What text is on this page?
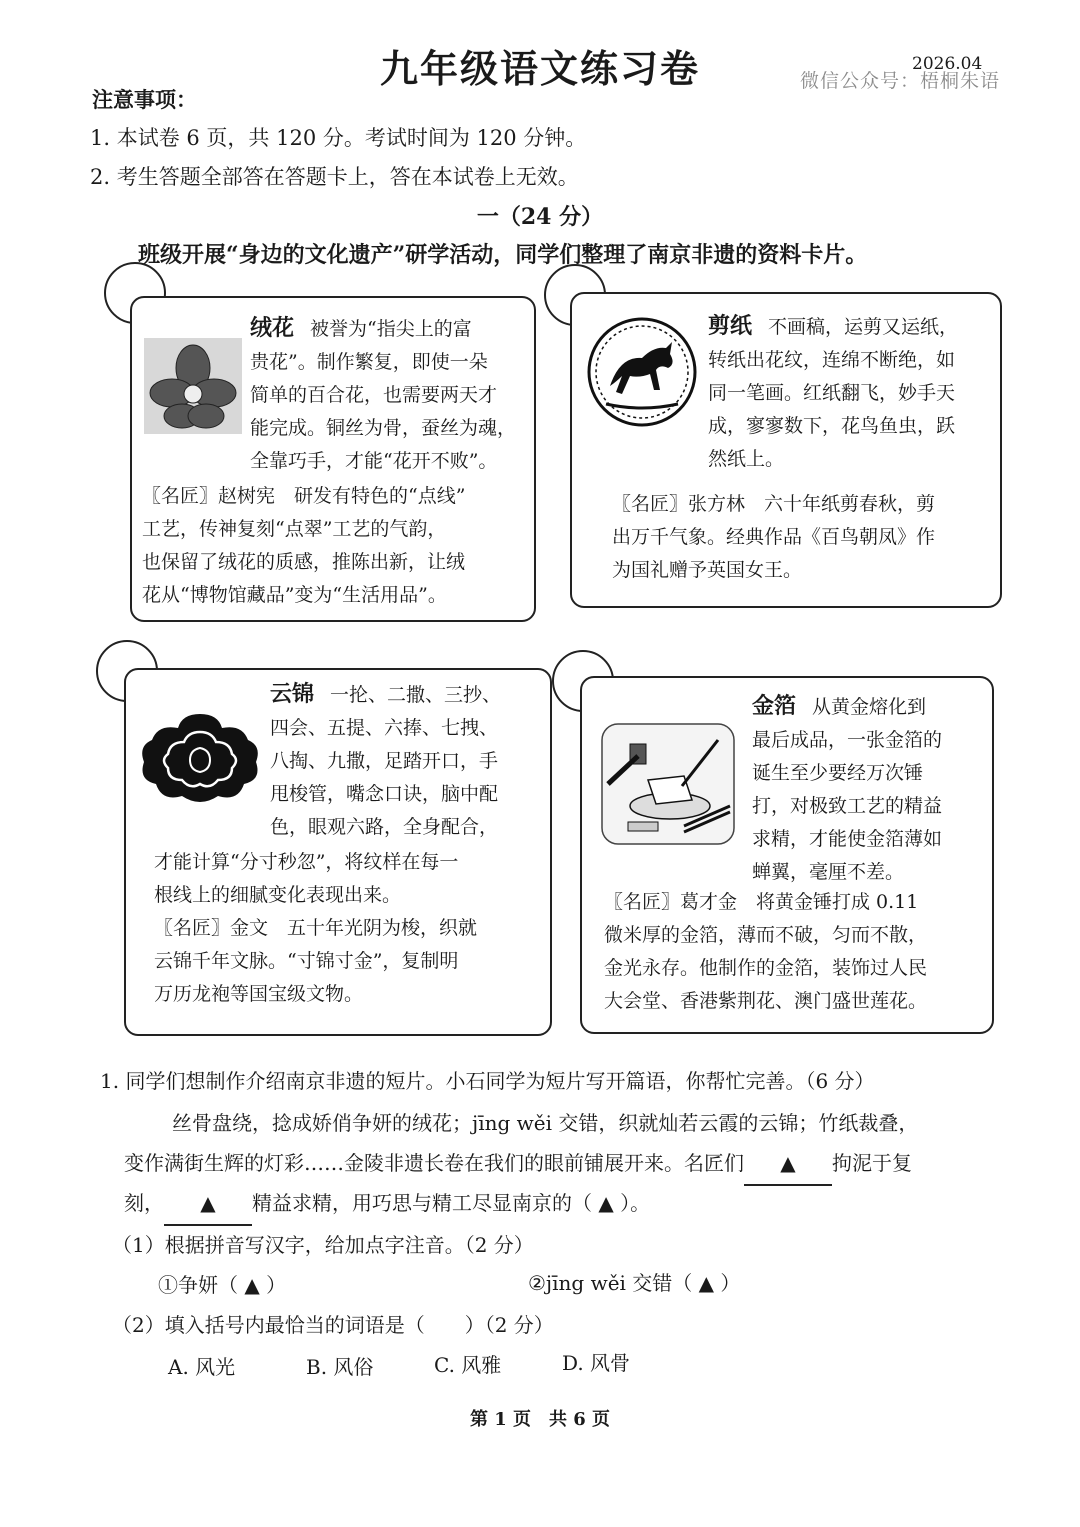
九年级语文练习卷	2026.04
微信公众号：梧桐朱语
注意事项：
1. 本试卷 6 页，共 120 分。考试时间为 120 分钟。
2. 考生答题全部答在答题卡上，答在本试卷上无效。
一（24 分）
班级开展“身边的文化遗产”研学活动，同学们整理了南京非遗的资料卡片。
绒花 被誉为“指尖上的富
贵花”。制作繁复，即使一朵
简单的百合花，也需要两天才
能完成。铜丝为骨，蚕丝为魂，
全靠巧手，才能“花开不败”。
〖名匠〗赵树宪　研发有特色的“点线”
工艺，传神复刻“点翠”工艺的气韵，
也保留了绒花的质感，推陈出新，让绒
花从“博物馆藏品”变为“生活用品”。
剪纸 不画稿，运剪又运纸，
转纸出花纹，连绵不断绝，如
同一笔画。红纸翻飞，妙手天
成，寥寥数下，花鸟鱼虫，跃
然纸上。
〖名匠〗张方林　六十年纸剪春秋，剪
出万千气象。经典作品《百鸟朝凤》作
为国礼赠予英国女王。
云锦 一抡、二撒、三抄、
四会、五提、六捧、七拽、
八掏、九撒，足踏开口，手
甩梭管，嘴念口诀，脑中配
色，眼观六路，全身配合，
才能计算“分寸秒忽”，将纹样在每一
根线上的细腻变化表现出来。
〖名匠〗金文　五十年光阴为梭，织就
云锦千年文脉。“寸锦寸金”，复制明
万历龙袍等国宝级文物。
金箔 从黄金熔化到
最后成品，一张金箔的
诞生至少要经万次锤
打，对极致工艺的精益
求精，才能使金箔薄如
蝉翼，毫厘不差。
〖名匠〗葛才金　将黄金锤打成 0.11
微米厚的金箔，薄而不破，匀而不散，
金光永存。他制作的金箔，装饰过人民
大会堂、香港紫荆花、澳门盛世莲花。
1. 同学们想制作介绍南京非遗的短片。小石同学为短片写开篇语，你帮忙完善。（6 分）
丝骨盘绕，捻成娇俏争妍的绒花；jīng wěi 交错，织就灿若云霞的云锦；竹纸裁叠，
变作满街生辉的灯彩……金陵非遗长卷在我们的眼前铺展开来。名匠们 ▲ 拘泥于复
刻， ▲ 精益求精，用巧思与精工尽显南京的（ ▲ ）。
（1）根据拼音写汉字，给加点字注音。（2 分）
①争妍（ ▲ ）	②jīng wěi 交错（ ▲ ）
（2）填入括号内最恰当的词语是（　　）（2 分）
A. 风光	B. 风俗	C. 风雅	D. 风骨
第 1 页　共 6 页
